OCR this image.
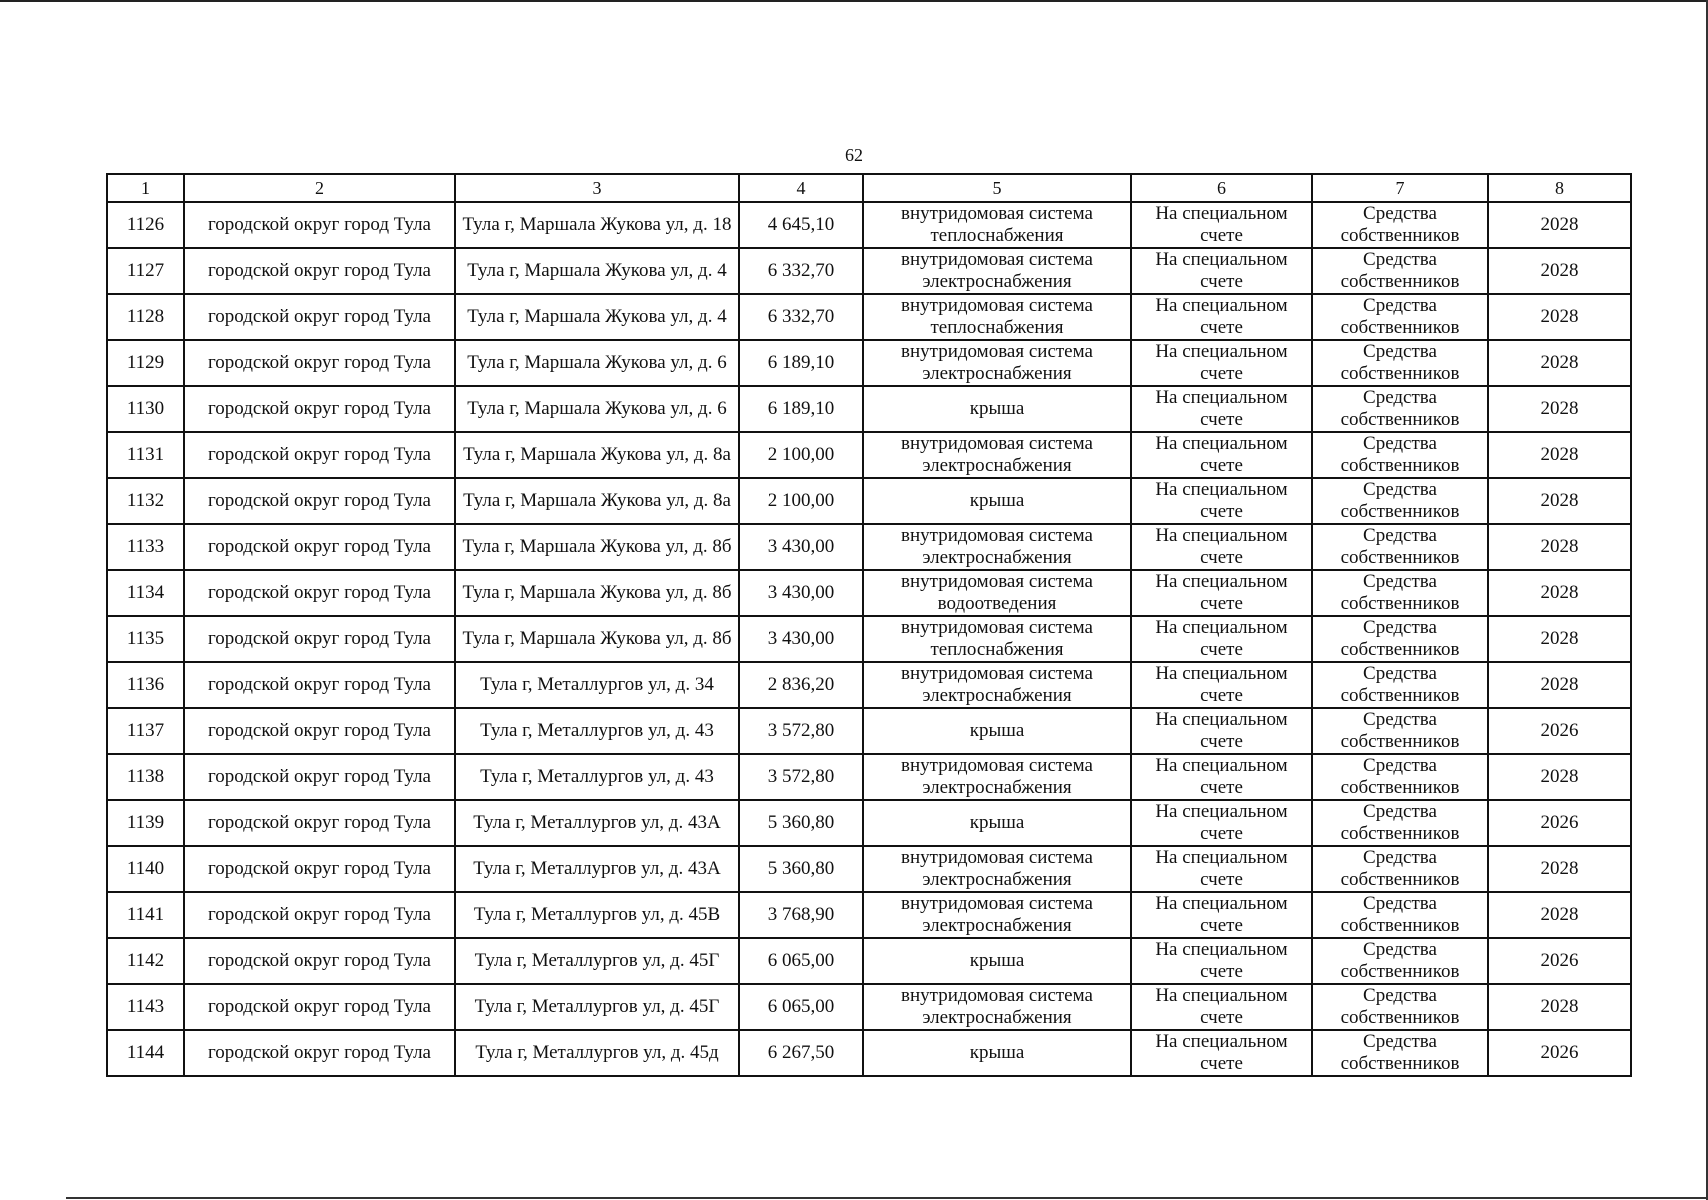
62
1	2	3	4	5	6	7	8
1126	городской округ город Тула	Тула г, Маршала Жукова ул, д. 18	4 645,10	внутридомовая система теплоснабжения	На специальном счете	Средства собственников	2028
1127	городской округ город Тула	Тула г, Маршала Жукова ул, д. 4	6 332,70	внутридомовая система электроснабжения	На специальном счете	Средства собственников	2028
1128	городской округ город Тула	Тула г, Маршала Жукова ул, д. 4	6 332,70	внутридомовая система теплоснабжения	На специальном счете	Средства собственников	2028
1129	городской округ город Тула	Тула г, Маршала Жукова ул, д. 6	6 189,10	внутридомовая система электроснабжения	На специальном счете	Средства собственников	2028
1130	городской округ город Тула	Тула г, Маршала Жукова ул, д. 6	6 189,10	крыша	На специальном счете	Средства собственников	2028
1131	городской округ город Тула	Тула г, Маршала Жукова ул, д. 8а	2 100,00	внутридомовая система электроснабжения	На специальном счете	Средства собственников	2028
1132	городской округ город Тула	Тула г, Маршала Жукова ул, д. 8а	2 100,00	крыша	На специальном счете	Средства собственников	2028
1133	городской округ город Тула	Тула г, Маршала Жукова ул, д. 8б	3 430,00	внутридомовая система электроснабжения	На специальном счете	Средства собственников	2028
1134	городской округ город Тула	Тула г, Маршала Жукова ул, д. 8б	3 430,00	внутридомовая система водоотведения	На специальном счете	Средства собственников	2028
1135	городской округ город Тула	Тула г, Маршала Жукова ул, д. 8б	3 430,00	внутридомовая система теплоснабжения	На специальном счете	Средства собственников	2028
1136	городской округ город Тула	Тула г, Металлургов ул, д. 34	2 836,20	внутридомовая система электроснабжения	На специальном счете	Средства собственников	2028
1137	городской округ город Тула	Тула г, Металлургов ул, д. 43	3 572,80	крыша	На специальном счете	Средства собственников	2026
1138	городской округ город Тула	Тула г, Металлургов ул, д. 43	3 572,80	внутридомовая система электроснабжения	На специальном счете	Средства собственников	2028
1139	городской округ город Тула	Тула г, Металлургов ул, д. 43А	5 360,80	крыша	На специальном счете	Средства собственников	2026
1140	городской округ город Тула	Тула г, Металлургов ул, д. 43А	5 360,80	внутридомовая система электроснабжения	На специальном счете	Средства собственников	2028
1141	городской округ город Тула	Тула г, Металлургов ул, д. 45В	3 768,90	внутридомовая система электроснабжения	На специальном счете	Средства собственников	2028
1142	городской округ город Тула	Тула г, Металлургов ул, д. 45Г	6 065,00	крыша	На специальном счете	Средства собственников	2026
1143	городской округ город Тула	Тула г, Металлургов ул, д. 45Г	6 065,00	внутридомовая система электроснабжения	На специальном счете	Средства собственников	2028
1144	городской округ город Тула	Тула г, Металлургов ул, д. 45д	6 267,50	крыша	На специальном счете	Средства собственников	2026
